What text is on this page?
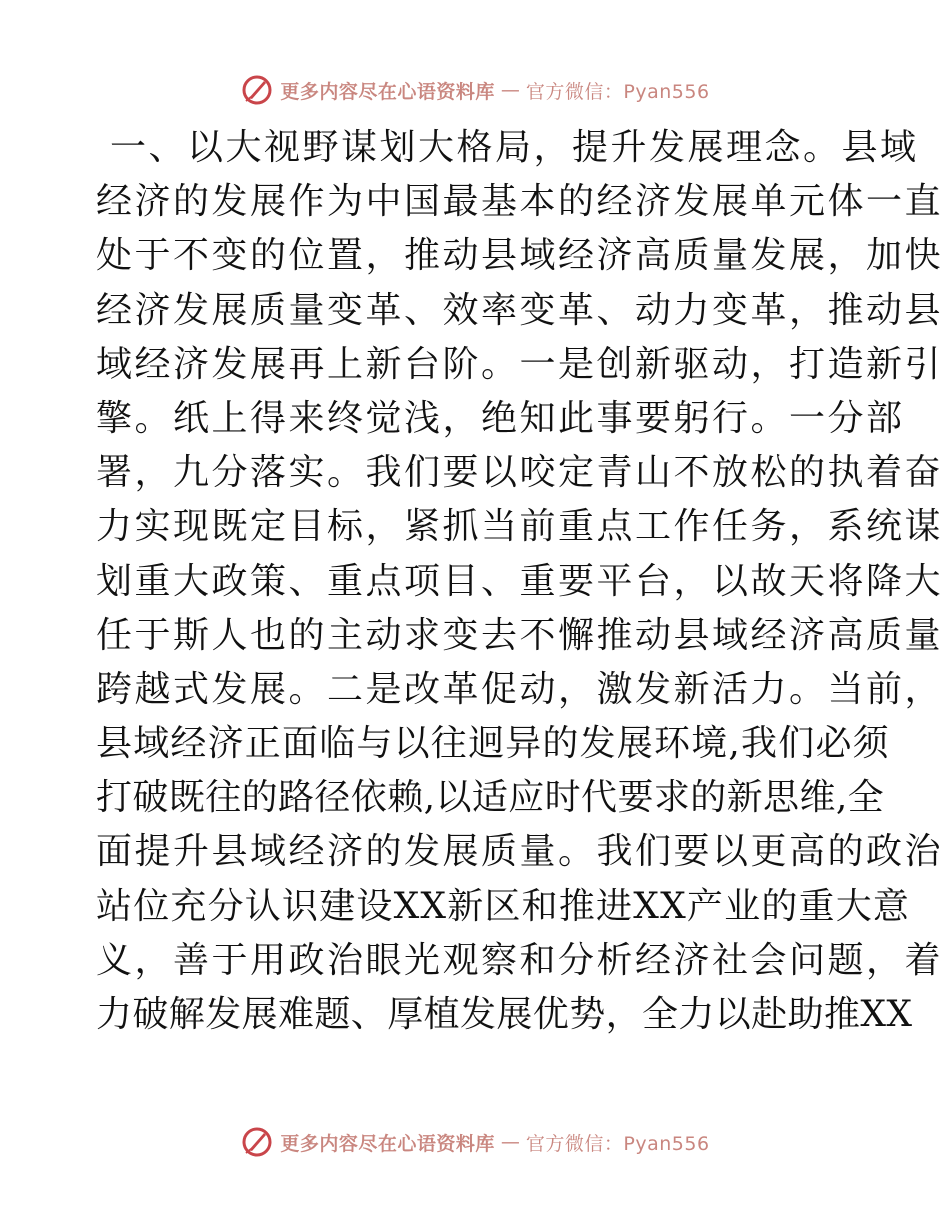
更多内容尽在心语资料库 — 官方微信：Pyan556
一、以大视野谋划大格局，提升发展理念。县域
经济的发展作为中国最基本的经济发展单元体一直
处于不变的位置，推动县域经济高质量发展，加快
经济发展质量变革、效率变革、动力变革，推动县
域经济发展再上新台阶。一是创新驱动，打造新引
擎。纸上得来终觉浅，绝知此事要躬行。一分部
署，九分落实。我们要以咬定青山不放松的执着奋
力实现既定目标，紧抓当前重点工作任务，系统谋
划重大政策、重点项目、重要平台，以故天将降大
任于斯人也的主动求变去不懈推动县域经济高质量
跨越式发展。二是改革促动，激发新活力。当前，
县域经济正面临与以往迥异的发展环境,我们必须
打破既往的路径依赖,以适应时代要求的新思维,全
面提升县域经济的发展质量。我们要以更高的政治
站位充分认识建设XX新区和推进XX产业的重大意
义，善于用政治眼光观察和分析经济社会问题，着
力破解发展难题、厚植发展优势，全力以赴助推XX
更多内容尽在心语资料库 — 官方微信：Pyan556
